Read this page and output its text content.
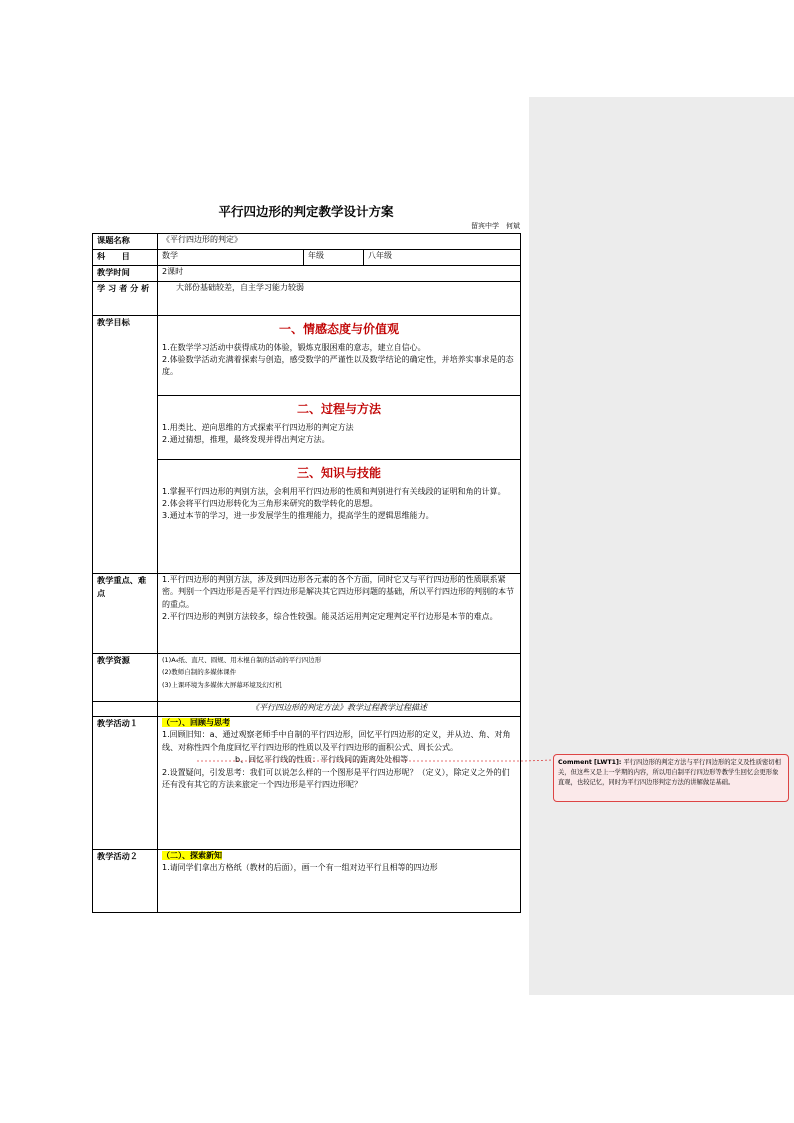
平行四边形的判定教学设计方案
留宾中学　何斌
课题名称	《平行四边形的判定》		
科　　目	数学	年级	八年级
教学时间	2课时		
学 习 者 分 析	大部份基础较差，自主学习能力较弱		
教学目标	一、情感态度与价值观

1.在数学学习活动中获得成功的体验，锻炼克服困难的意志，建立自信心。

2.体验数学活动充满着探索与创造，感受数学的严谨性以及数学结论的确定性，并培养实事求是的态度。		

	二、过程与方法

1.用类比、逆向思维的方式探索平行四边形的判定方法

2.通过猜想，推理，最终发现并得出判定方法。		

	三、知识与技能

1.掌握平行四边形的判别方法，会利用平行四边形的性质和判别进行有关线段的证明和角的计算。

2.体会将平行四边形转化为三角形来研究的数学转化的思想。

3.通过本节的学习，进一步发展学生的推理能力，提高学生的逻辑思维能力。		

教学重点、难点	1.平行四边形的判别方法，涉及到四边形各元素的各个方面，同时它又与平行四边形的性质联系紧密。判别一个四边形是否是平行四边形是解决其它四边形问题的基础，所以平行四边形的判别的本节的重点。

2.平行四边形的判别方法较多，综合性较强。能灵活运用判定定理判定平行边形是本节的难点。		

教学资源	(1)A₄纸、直尺、圆规、用木棍自制的活动的平行四边形

(2)教师自制的多媒体课件

(3)上课环境为多媒体大屏幕环境及幻灯机		

	《平行四边形的判定方法》教学过程教学过程描述		
教学活动１	（一）、回顾与思考

1.回顾旧知：a、通过观察老师手中自制的平行四边形，回忆平行四边形的定义，并从边、角、对角线、对称性四个角度回忆平行四边形的性质以及平行四边形的面积公式、周长公式。

b、回忆平行线的性质：平行线间的距离处处相等

2.设置疑问，引发思考：我们可以说怎么样的一个图形是平行四边形呢？（定义），除定义之外的们还有没有其它的方法来旅定一个四边形是平行四边形呢？		

教学活动２	（二）、探索新知

1.请同学们拿出方格纸（教材的后面），画一个有一组对边平行且相等的四边形		

Comment [LWT1]: 平行四边形的判定方法与平行四边形的定义及性质密切相关，但这些又是上一学期的内容，所以用自制平行四边形等教学生回忆会更形象直观，也较记忆，同时为平行四边形判定方法的讲解做足基础。
